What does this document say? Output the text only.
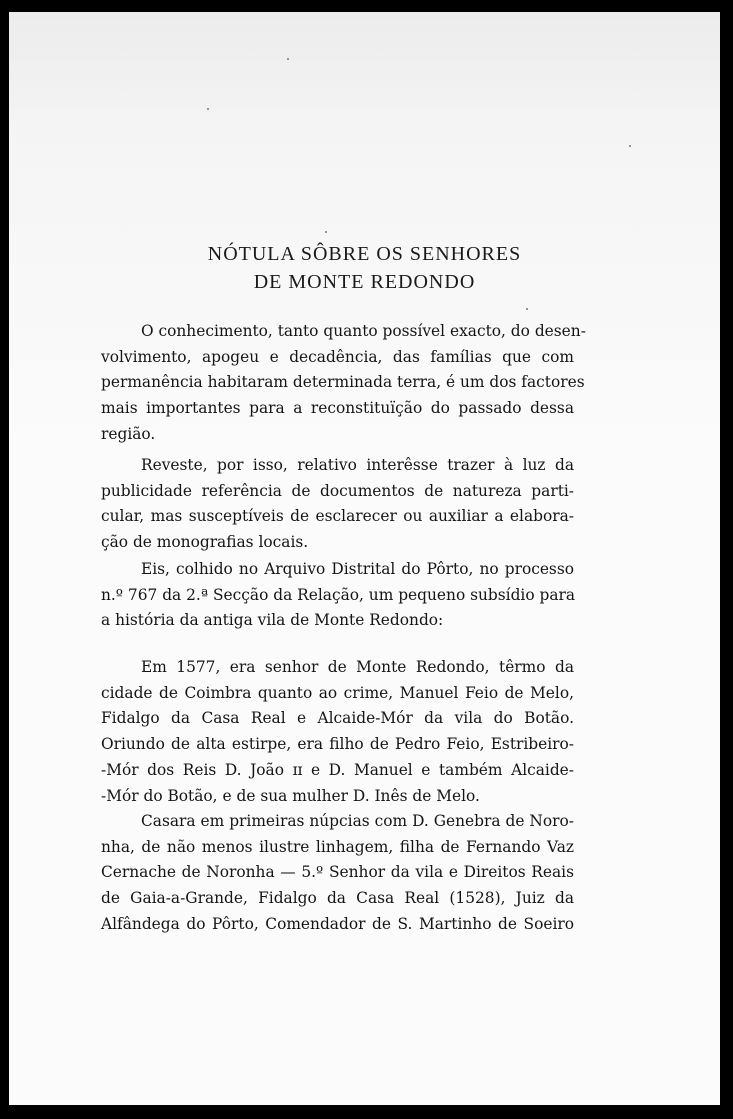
NÓTULA SÔBRE OS SENHORES
DE MONTE REDONDO

O conhecimento, tanto quanto possível exacto, do desen-
volvimento, apogeu e decadência, das famílias que com
permanência habitaram determinada terra, é um dos factores
mais importantes para a reconstituïção do passado dessa
região.

Reveste, por isso, relativo interêsse trazer à luz da
publicidade referência de documentos de natureza parti-
cular, mas susceptíveis de esclarecer ou auxiliar a elabora-
ção de monografias locais.

Eis, colhido no Arquivo Distrital do Pôrto, no processo
n.º 767 da 2.ª Secção da Relação, um pequeno subsídio para
a história da antiga vila de Monte Redondo:

Em 1577, era senhor de Monte Redondo, têrmo da
cidade de Coimbra quanto ao crime, Manuel Feio de Melo,
Fidalgo da Casa Real e Alcaide-Mór da vila do Botão.
Oriundo de alta estirpe, era filho de Pedro Feio, Estribeiro-
-Mór dos Reis D. João ɪɪ e D. Manuel e também Alcaide-
-Mór do Botão, e de sua mulher D. Inês de Melo.

Casara em primeiras núpcias com D. Genebra de Noro-
nha, de não menos ilustre linhagem, filha de Fernando Vaz
Cernache de Noronha — 5.º Senhor da vila e Direitos Reais
de Gaia-a-Grande, Fidalgo da Casa Real (1528), Juiz da
Alfândega do Pôrto, Comendador de S. Martinho de Soeiro
